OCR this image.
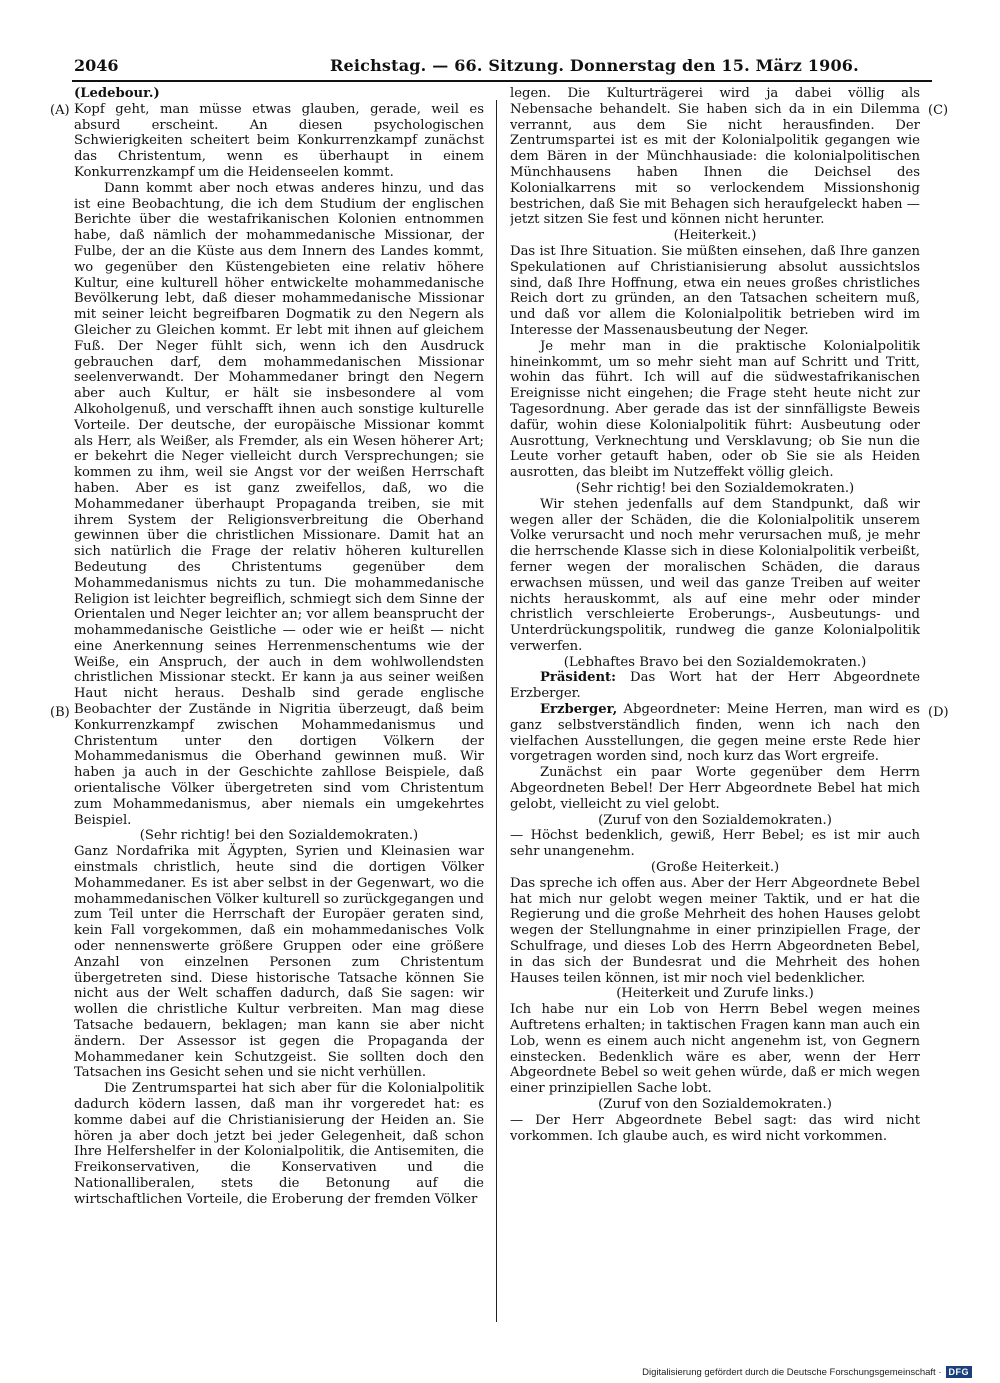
2046	Reichstag. — 66. Sitzung. Donnerstag den 15. März 1906.
(A)
(B)
(C)
(D)

(Ledebour.)

Kopf geht, man müsse etwas glauben, gerade, weil es absurd erscheint. An diesen psychologischen Schwierigkeiten scheitert beim Konkurrenzkampf zunächst das Christentum, wenn es überhaupt in einem Konkurrenzkampf um die Heidenseelen kommt.

Dann kommt aber noch etwas anderes hinzu, und das ist eine Beobachtung, die ich dem Studium der englischen Berichte über die westafrikanischen Kolonien entnommen habe, daß nämlich der mohammedanische Missionar, der Fulbe, der an die Küste aus dem Innern des Landes kommt, wo gegenüber den Küstengebieten eine relativ höhere Kultur, eine kulturell höher entwickelte mohammedanische Bevölkerung lebt, daß dieser mohammedanische Missionar mit seiner leicht begreifbaren Dogmatik zu den Negern als Gleicher zu Gleichen kommt. Er lebt mit ihnen auf gleichem Fuß. Der Neger fühlt sich, wenn ich den Ausdruck gebrauchen darf, dem mohammedanischen Missionar seelenverwandt. Der Mohammedaner bringt den Negern aber auch Kultur, er hält sie insbesondere al vom Alkoholgenuß, und verschafft ihnen auch sonstige kulturelle Vorteile. Der deutsche, der europäische Missionar kommt als Herr, als Weißer, als Fremder, als ein Wesen höherer Art; er bekehrt die Neger vielleicht durch Versprechungen; sie kommen zu ihm, weil sie Angst vor der weißen Herrschaft haben. Aber es ist ganz zweifellos, daß, wo die Mohammedaner überhaupt Propaganda treiben, sie mit ihrem System der Religionsverbreitung die Oberhand gewinnen über die christlichen Missionare. Damit hat an sich natürlich die Frage der relativ höheren kulturellen Bedeutung des Christentums gegenüber dem Mohammedanismus nichts zu tun. Die mohammedanische Religion ist leichter begreiflich, schmiegt sich dem Sinne der Orientalen und Neger leichter an; vor allem beansprucht der mohammedanische Geistliche — oder wie er heißt — nicht eine Anerkennung seines Herrenmenschentums wie der Weiße, ein Anspruch, der auch in dem wohlwollendsten christlichen Missionar steckt. Er kann ja aus seiner weißen Haut nicht heraus. Deshalb sind gerade englische Beobachter der Zustände in Nigritia überzeugt, daß beim Konkurrenzkampf zwischen Mohammedanismus und Christentum unter den dortigen Völkern der Mohammedanismus die Oberhand gewinnen muß. Wir haben ja auch in der Geschichte zahllose Beispiele, daß orientalische Völker übergetreten sind vom Christentum zum Mohammedanismus, aber niemals ein umgekehrtes Beispiel.

(Sehr richtig! bei den Sozialdemokraten.)

Ganz Nordafrika mit Ägypten, Syrien und Kleinasien war einstmals christlich, heute sind die dortigen Völker Mohammedaner. Es ist aber selbst in der Gegenwart, wo die mohammedanischen Völker kulturell so zurückgegangen und zum Teil unter die Herrschaft der Europäer geraten sind, kein Fall vorgekommen, daß ein mohammedanisches Volk oder nennenswerte größere Gruppen oder eine größere Anzahl von einzelnen Personen zum Christentum übergetreten sind. Diese historische Tatsache können Sie nicht aus der Welt schaffen dadurch, daß Sie sagen: wir wollen die christliche Kultur verbreiten. Man mag diese Tatsache bedauern, beklagen; man kann sie aber nicht ändern. Der Assessor ist gegen die Propaganda der Mohammedaner kein Schutzgeist. Sie sollten doch den Tatsachen ins Gesicht sehen und sie nicht verhüllen.

Die Zentrumspartei hat sich aber für die Kolonialpolitik dadurch ködern lassen, daß man ihr vorgeredet hat: es komme dabei auf die Christianisierung der Heiden an. Sie hören ja aber doch jetzt bei jeder Gelegenheit, daß schon Ihre Helfershelfer in der Kolonialpolitik, die Antisemiten, die Freikonservativen, die Konservativen und die Nationalliberalen, stets die Betonung auf die wirtschaftlichen Vorteile, die Eroberung der fremden Völker

legen. Die Kulturträgerei wird ja dabei völlig als Nebensache behandelt. Sie haben sich da in ein Dilemma verrannt, aus dem Sie nicht herausfinden. Der Zentrumspartei ist es mit der Kolonialpolitik gegangen wie dem Bären in der Münchhausiade: die kolonialpolitischen Münchhausens haben Ihnen die Deichsel des Kolonialkarrens mit so verlockendem Missionshonig bestrichen, daß Sie mit Behagen sich heraufgeleckt haben — jetzt sitzen Sie fest und können nicht herunter.

(Heiterkeit.)

Das ist Ihre Situation. Sie müßten einsehen, daß Ihre ganzen Spekulationen auf Christianisierung absolut aussichtslos sind, daß Ihre Hoffnung, etwa ein neues großes christliches Reich dort zu gründen, an den Tatsachen scheitern muß, und daß vor allem die Kolonialpolitik betrieben wird im Interesse der Massenausbeutung der Neger.

Je mehr man in die praktische Kolonialpolitik hineinkommt, um so mehr sieht man auf Schritt und Tritt, wohin das führt. Ich will auf die südwestafrikanischen Ereignisse nicht eingehen; die Frage steht heute nicht zur Tagesordnung. Aber gerade das ist der sinnfälligste Beweis dafür, wohin diese Kolonialpolitik führt: Ausbeutung oder Ausrottung, Verknechtung und Versklavung; ob Sie nun die Leute vorher getauft haben, oder ob Sie sie als Heiden ausrotten, das bleibt im Nutzeffekt völlig gleich.

(Sehr richtig! bei den Sozialdemokraten.)

Wir stehen jedenfalls auf dem Standpunkt, daß wir wegen aller der Schäden, die die Kolonialpolitik unserem Volke verursacht und noch mehr verursachen muß, je mehr die herrschende Klasse sich in diese Kolonialpolitik verbeißt, ferner wegen der moralischen Schäden, die daraus erwachsen müssen, und weil das ganze Treiben auf weiter nichts herauskommt, als auf eine mehr oder minder christlich verschleierte Eroberungs-, Ausbeutungs- und Unterdrückungspolitik, rundweg die ganze Kolonialpolitik verwerfen.

(Lebhaftes Bravo bei den Sozialdemokraten.)

Präsident: Das Wort hat der Herr Abgeordnete Erzberger.

Erzberger, Abgeordneter: Meine Herren, man wird es ganz selbstverständlich finden, wenn ich nach den vielfachen Ausstellungen, die gegen meine erste Rede hier vorgetragen worden sind, noch kurz das Wort ergreife.

Zunächst ein paar Worte gegenüber dem Herrn Abgeordneten Bebel! Der Herr Abgeordnete Bebel hat mich gelobt, vielleicht zu viel gelobt.

(Zuruf von den Sozialdemokraten.)

— Höchst bedenklich, gewiß, Herr Bebel; es ist mir auch sehr unangenehm.

(Große Heiterkeit.)

Das spreche ich offen aus. Aber der Herr Abgeordnete Bebel hat mich nur gelobt wegen meiner Taktik, und er hat die Regierung und die große Mehrheit des hohen Hauses gelobt wegen der Stellungnahme in einer prinzipiellen Frage, der Schulfrage, und dieses Lob des Herrn Abgeordneten Bebel, in das sich der Bundesrat und die Mehrheit des hohen Hauses teilen können, ist mir noch viel bedenklicher.

(Heiterkeit und Zurufe links.)

Ich habe nur ein Lob von Herrn Bebel wegen meines Auftretens erhalten; in taktischen Fragen kann man auch ein Lob, wenn es einem auch nicht angenehm ist, von Gegnern einstecken. Bedenklich wäre es aber, wenn der Herr Abgeordnete Bebel so weit gehen würde, daß er mich wegen einer prinzipiellen Sache lobt.

(Zuruf von den Sozialdemokraten.)

— Der Herr Abgeordnete Bebel sagt: das wird nicht vorkommen. Ich glaube auch, es wird nicht vorkommen.

Digitalisierung gefördert durch die Deutsche Forschungsgemeinschaft · DFG
